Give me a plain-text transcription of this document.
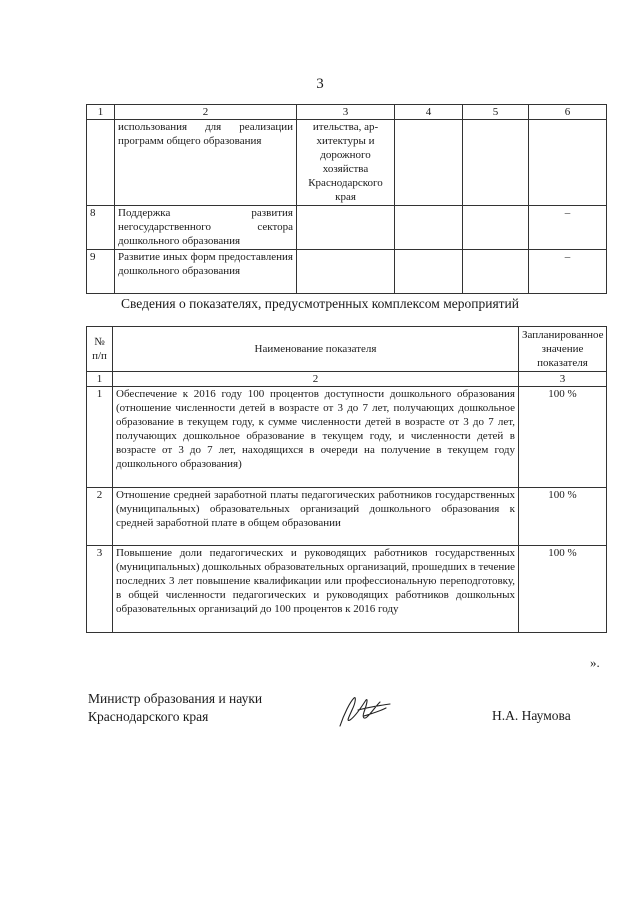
3
1	2	3	4	5	6
	использования для реализации программ общего образования	ительства, ар-хитектуры и дорожного хозяйства Краснодарского края			
8	Поддержка развития негосударственного сектора дошкольного образования				–
9	Развитие иных форм предоставления дошкольного образования				–
Сведения о показателях, предусмотренных комплексом мероприятий
№ п/п	Наименование показателя	Запланированное значение показателя
1	2	3
1	Обеспечение к 2016 году 100 процентов доступности дошкольного образования (отношение численности детей в возрасте от 3 до 7 лет, получающих дошкольное образование в текущем году, к сумме численности детей в возрасте от 3 до 7 лет, получающих дошкольное образование в текущем году, и численности детей в возрасте от 3 до 7 лет, находящихся в очереди на получение в текущем году дошкольного образования)	100 %
2	Отношение средней заработной платы педагогических работников государственных (муниципальных) образовательных организаций дошкольного образования к средней заработной плате в общем образовании	100 %
3	Повышение доли педагогических и руководящих работников государственных (муниципальных) дошкольных образовательных организаций, прошедших в течение последних 3 лет повышение квалификации или профессиональную переподготовку, в общей численности педагогических и руководящих работников дошкольных образовательных организаций до 100 процентов к 2016 году	100 %
».
Министр образования и науки
Краснодарского края	Н.А. Наумова
